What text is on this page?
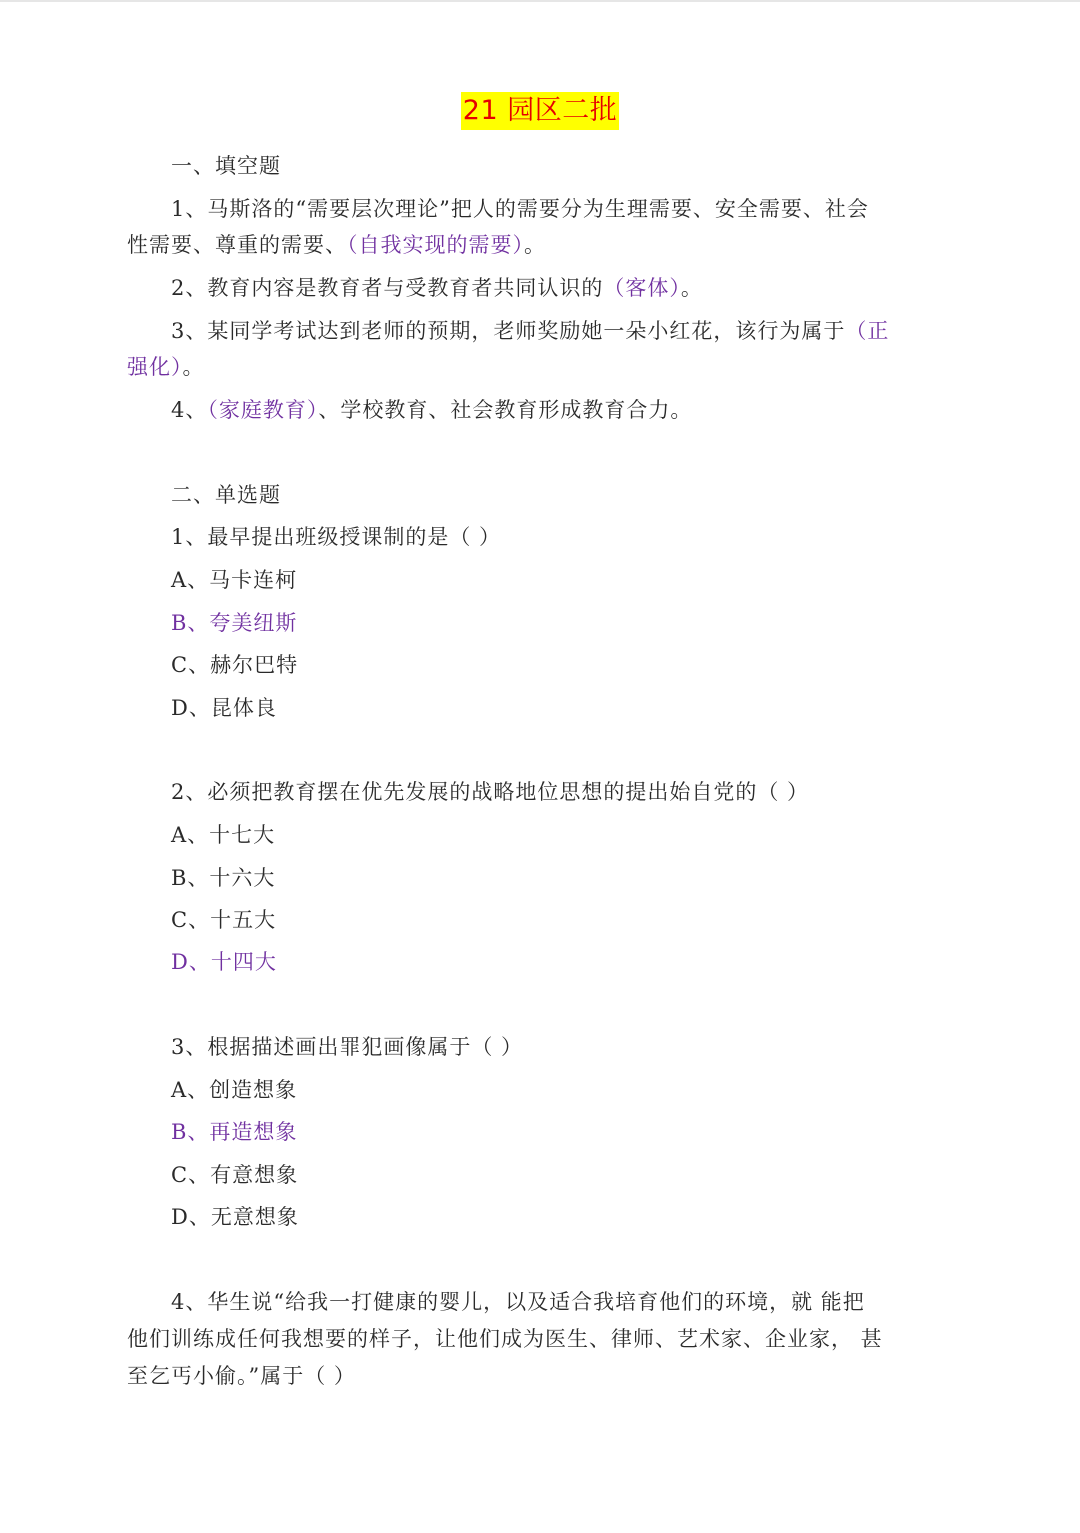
21 园区二批
一、填空题
1、马斯洛的“需要层次理论”把人的需要分为生理需要、安全需要、社会
性需要、尊重的需要、（自我实现的需要）。
2、教育内容是教育者与受教育者共同认识的（客体）。
3、某同学考试达到老师的预期，老师奖励她一朵小红花，该行为属于（正
强化）。
4、（家庭教育）、学校教育、社会教育形成教育合力。
二、单选题
1、最早提出班级授课制的是（ ）
A、马卡连柯
B、夸美纽斯
C、赫尔巴特
D、昆体良
2、必须把教育摆在优先发展的战略地位思想的提出始自党的（ ）
A、十七大
B、十六大
C、十五大
D、十四大
3、根据描述画出罪犯画像属于（ ）
A、创造想象
B、再造想象
C、有意想象
D、无意想象
4、华生说“给我一打健康的婴儿，以及适合我培育他们的环境，就 能把
他们训练成任何我想要的样子，让他们成为医生、律师、艺术家、企业家， 甚
至乞丐小偷。”属于（ ）
